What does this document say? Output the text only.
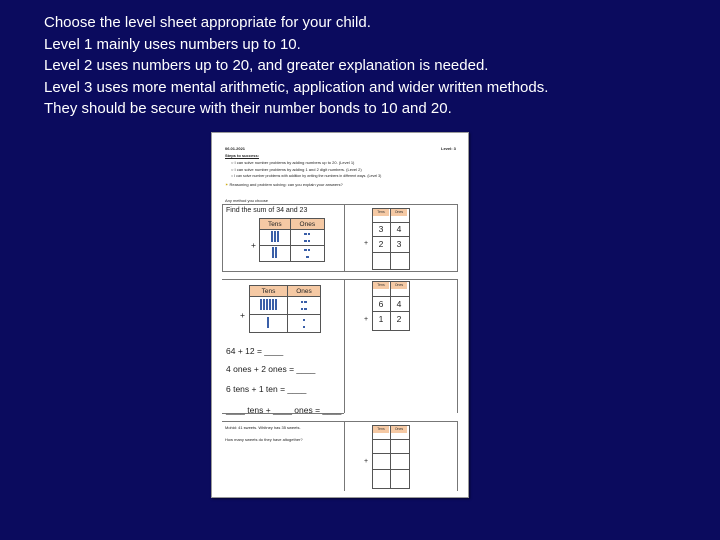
Choose the level sheet appropriate for your child.
Level 1 mainly uses numbers up to 10.
Level 2 uses numbers up to 20, and greater explanation is needed.
Level 3 uses more mental arithmetic, application and wider written methods.
They should be secure with their number bonds to 10 and 20.
06.01.2021	Level: 3
Steps to success:
○ I can solve number problems by adding numbers up to 20. (Level 1)
○ I can solve number problems by adding 1 and 2 digit numbers. (Level 2)
○ I can solve number problems with addition by writing the numbers in different ways. (Level 3)
✶ Reasoning and problem solving: can you explain your answers?
Any method you choose
Find the sum of 34 and 23
Tens	Ones

+
Tens	Ones
3	4
+	2	3
Tens	Ones

+
Tens	Ones
6	4
+	1	2
64 + 12 = ____
4 ones + 2 ones = ____
6 tens + 1 ten = ____
____ tens + ____ ones = ____
Mohid: 41 sweets. Whitney has 35 sweets.
How many sweets do they have altogether?
Tens	Ones
+
